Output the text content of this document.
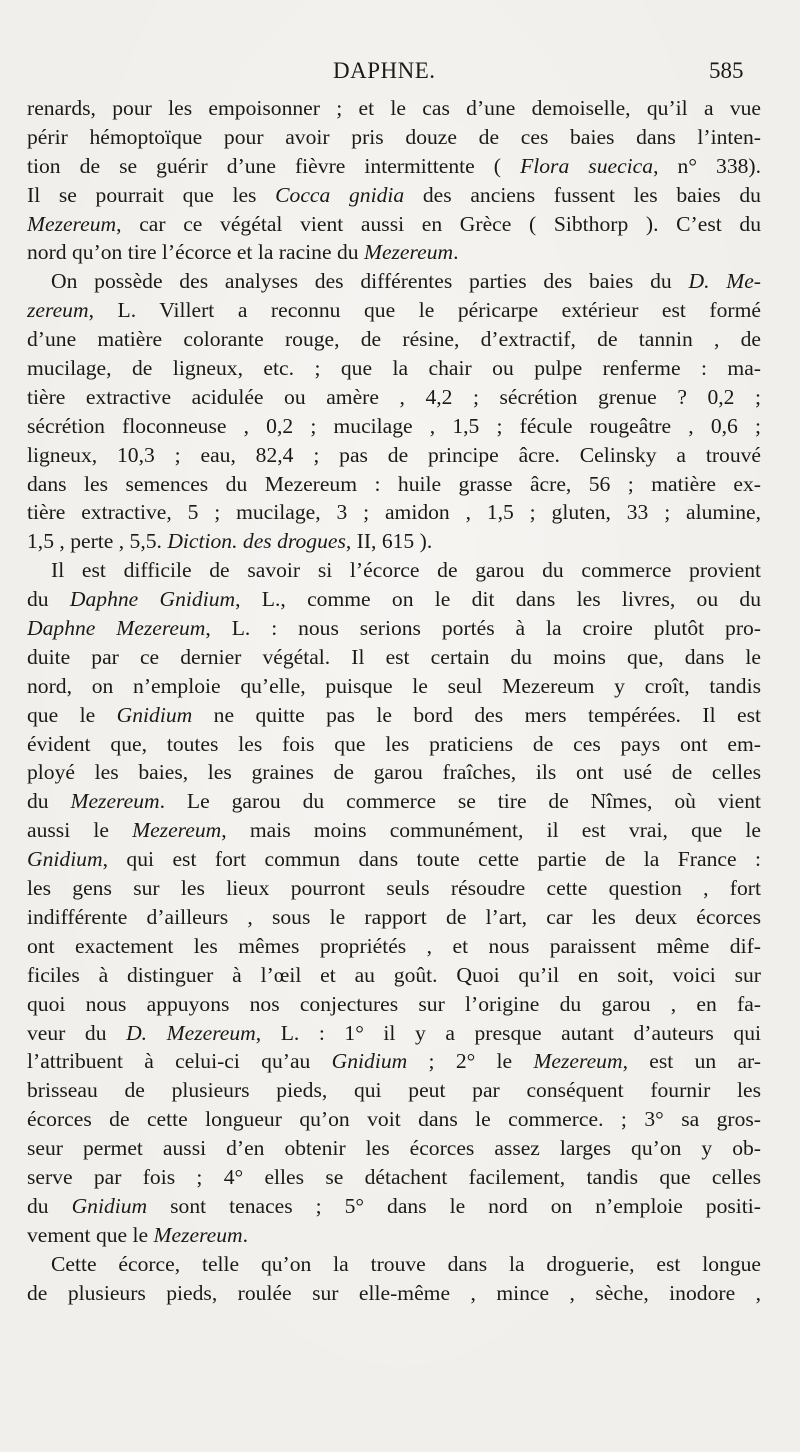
DAPHNE.	585
renards, pour les empoisonner ; et le cas d’une demoiselle, qu’il a vue
périr hémoptoïque pour avoir pris douze de ces baies dans l’inten-
tion de se guérir d’une fièvre intermittente ( Flora suecica, n° 338).
Il se pourrait que les Cocca gnidia des anciens fussent les baies du
Mezereum, car ce végétal vient aussi en Grèce ( Sibthorp ). C’est du
nord qu’on tire l’écorce et la racine du Mezereum.
On possède des analyses des différentes parties des baies du D. Me-
zereum, L. Villert a reconnu que le péricarpe extérieur est formé
d’une matière colorante rouge, de résine, d’extractif, de tannin , de
mucilage, de ligneux, etc. ; que la chair ou pulpe renferme : ma-
tière extractive acidulée ou amère , 4,2 ; sécrétion grenue ? 0,2 ;
sécrétion floconneuse , 0,2 ; mucilage , 1,5 ; fécule rougeâtre , 0,6 ;
ligneux, 10,3 ; eau, 82,4 ; pas de principe âcre. Celinsky a trouvé
dans les semences du Mezereum : huile grasse âcre, 56 ; matière ex-
tière extractive, 5 ; mucilage, 3 ; amidon , 1,5 ; gluten, 33 ; alumine,
1,5 , perte , 5,5. Diction. des drogues, II, 615 ).
Il est difficile de savoir si l’écorce de garou du commerce provient
du Daphne Gnidium, L., comme on le dit dans les livres, ou du
Daphne Mezereum, L. : nous serions portés à la croire plutôt pro-
duite par ce dernier végétal. Il est certain du moins que, dans le
nord, on n’emploie qu’elle, puisque le seul Mezereum y croît, tandis
que le Gnidium ne quitte pas le bord des mers tempérées. Il est
évident que, toutes les fois que les praticiens de ces pays ont em-
ployé les baies, les graines de garou fraîches, ils ont usé de celles
du Mezereum. Le garou du commerce se tire de Nîmes, où vient
aussi le Mezereum, mais moins communément, il est vrai, que le
Gnidium, qui est fort commun dans toute cette partie de la France :
les gens sur les lieux pourront seuls résoudre cette question , fort
indifférente d’ailleurs , sous le rapport de l’art, car les deux écorces
ont exactement les mêmes propriétés , et nous paraissent même dif-
ficiles à distinguer à l’œil et au goût. Quoi qu’il en soit, voici sur
quoi nous appuyons nos conjectures sur l’origine du garou , en fa-
veur du D. Mezereum, L. : 1° il y a presque autant d’auteurs qui
l’attribuent à celui-ci qu’au Gnidium ; 2° le Mezereum, est un ar-
brisseau de plusieurs pieds, qui peut par conséquent fournir les
écorces de cette longueur qu’on voit dans le commerce. ; 3° sa gros-
seur permet aussi d’en obtenir les écorces assez larges qu’on y ob-
serve par fois ; 4° elles se détachent facilement, tandis que celles
du Gnidium sont tenaces ; 5° dans le nord on n’emploie positi-
vement que le Mezereum.
Cette écorce, telle qu’on la trouve dans la droguerie, est longue
de plusieurs pieds, roulée sur elle-même , mince , sèche, inodore ,
